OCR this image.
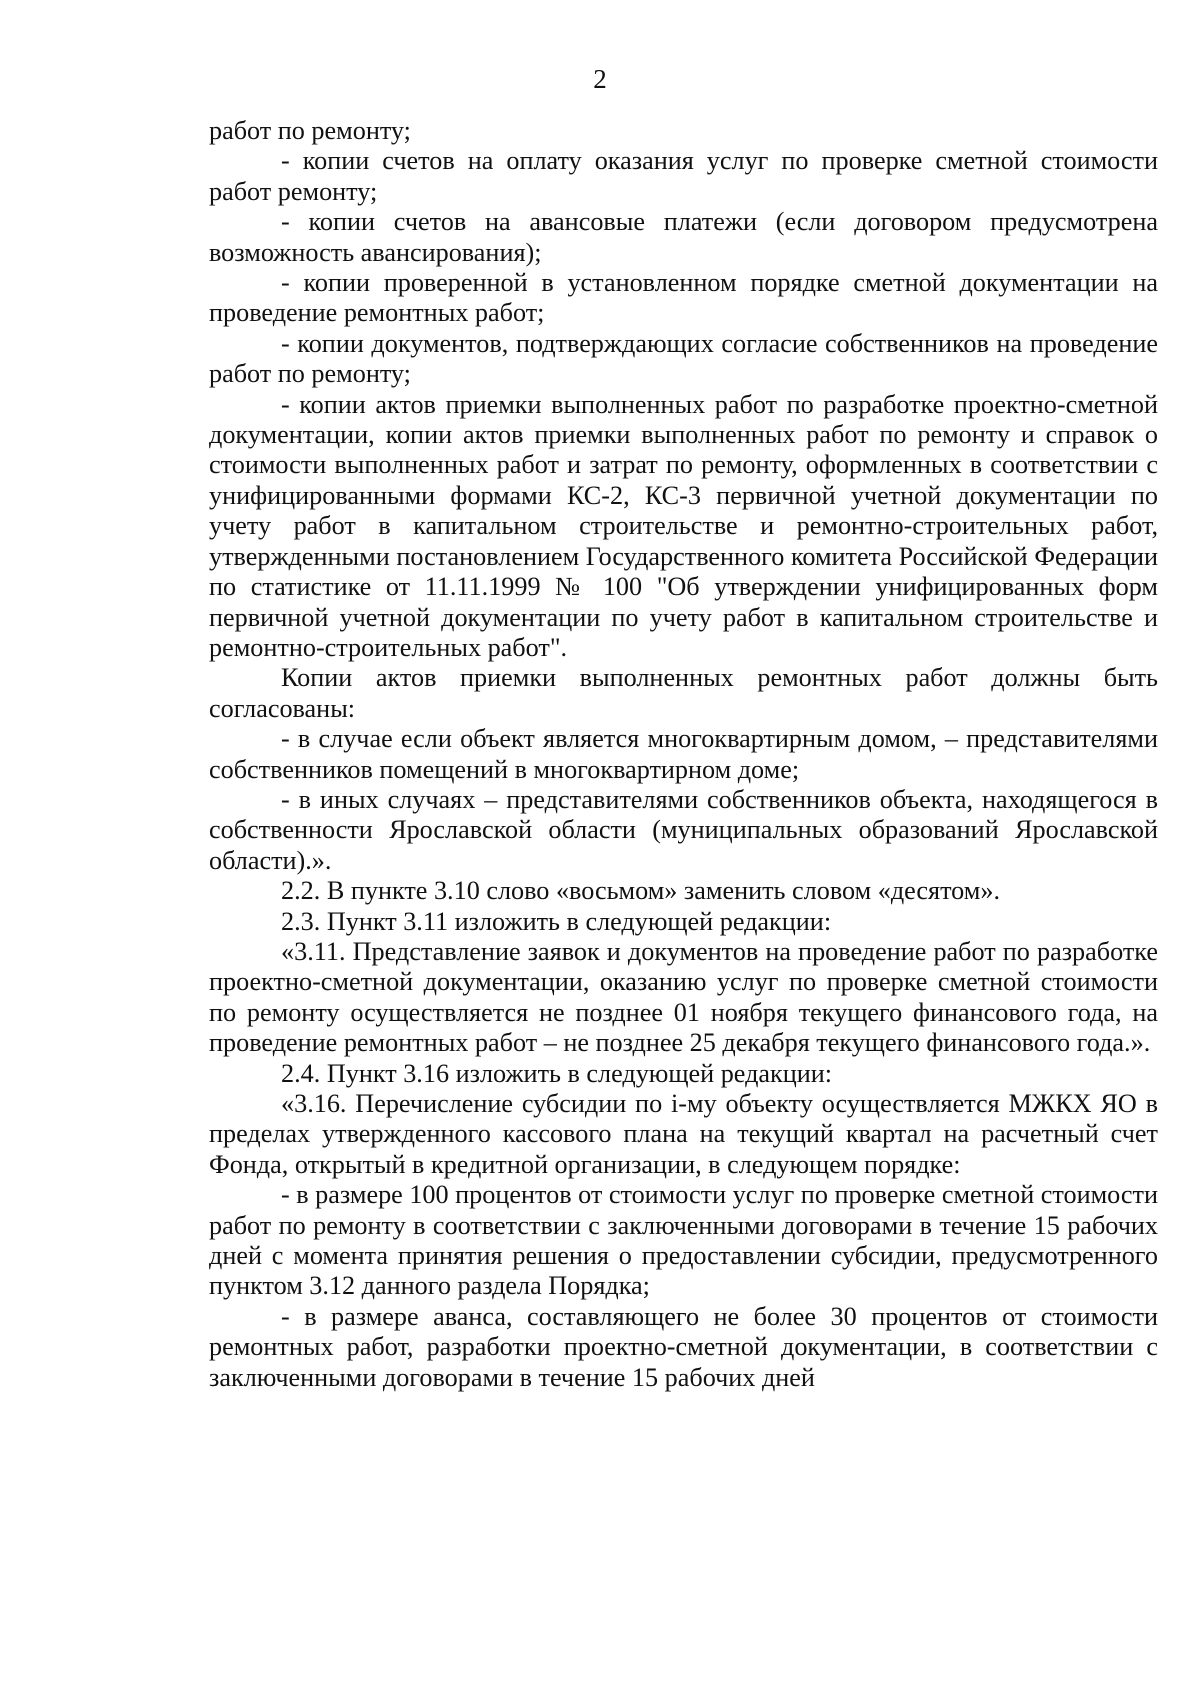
2

работ по ремонту;

- копии счетов на оплату оказания услуг по проверке сметной стоимости работ ремонту;

- копии счетов на авансовые платежи (если договором предусмотрена возможность авансирования);

- копии проверенной в установленном порядке сметной документации на проведение ремонтных работ;

- копии документов, подтверждающих согласие собственников на проведение работ по ремонту;

- копии актов приемки выполненных работ по разработке проектно-сметной документации, копии актов приемки выполненных работ по ремонту и справок о стоимости выполненных работ и затрат по ремонту, оформленных в соответствии с унифицированными формами КС-2, КС-3 первичной учетной документации по учету работ в капитальном строительстве и ремонтно-строительных работ, утвержденными постановлением Государственного комитета Российской Федерации по статистике от 11.11.1999 № 100 "Об утверждении унифицированных форм первичной учетной документации по учету работ в капитальном строительстве и ремонтно-строительных работ".

Копии актов приемки выполненных ремонтных работ должны быть согласованы:

- в случае если объект является многоквартирным домом, – представителями собственников помещений в многоквартирном доме;

- в иных случаях – представителями собственников объекта, находящегося в собственности Ярославской области (муниципальных образований Ярославской области).».

2.2. В пункте 3.10 слово «восьмом» заменить словом «десятом».

2.3. Пункт 3.11 изложить в следующей редакции:

«3.11. Представление заявок и документов на проведение работ по разработке проектно-сметной документации, оказанию услуг по проверке сметной стоимости по ремонту осуществляется не позднее 01 ноября текущего финансового года, на проведение ремонтных работ – не позднее 25 декабря текущего финансового года.».

2.4. Пункт 3.16 изложить в следующей редакции:

«3.16. Перечисление субсидии по i-му объекту осуществляется МЖКХ ЯО в пределах утвержденного кассового плана на текущий квартал на расчетный счет Фонда, открытый в кредитной организации, в следующем порядке:

- в размере 100 процентов от стоимости услуг по проверке сметной стоимости работ по ремонту в соответствии с заключенными договорами в течение 15 рабочих дней с момента принятия решения о предоставлении субсидии, предусмотренного пунктом 3.12 данного раздела Порядка;

- в размере аванса, составляющего не более 30 процентов от стоимости ремонтных работ, разработки проектно-сметной документации, в соответствии с заключенными договорами в течение 15 рабочих дней
